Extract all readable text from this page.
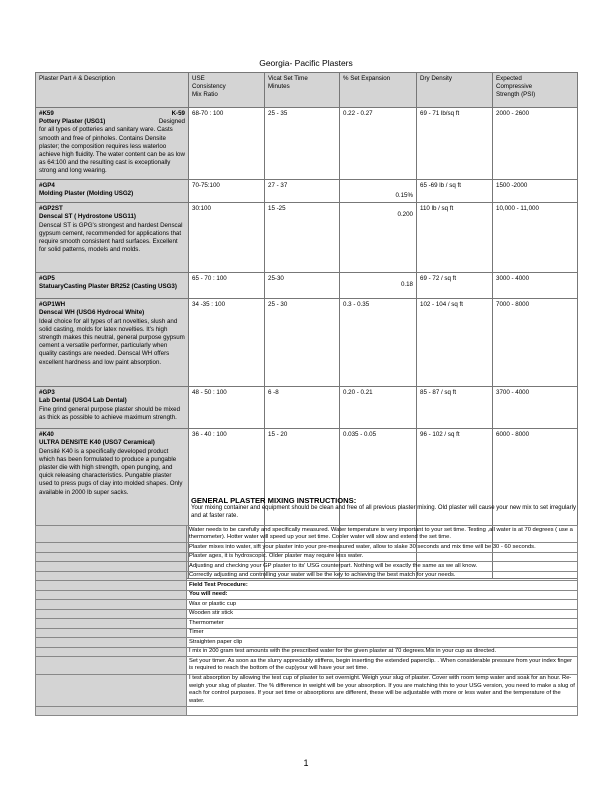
Georgia- Pacific Plasters
Plaster Part # & Description	USE
Consistency
Mix Ratio	Vicat Set Time
Minutes	% Set Expansion	Dry Density	Expected
Compressive
Strength (PSI)

#K59 K-59
Pottery Plaster (USG1) Designed
for all types of potteries and sanitary ware. Casts smooth and free of pinholes. Contains Densite plaster; the composition requires less waterloo achieve high fluidity. The water content can be as low as 64:100 and the resulting cast is exceptionally strong and long wearing.	68-70 : 100	25 - 35	0.22 - 0.27	69 - 71 lb/sq ft	2000 - 2600

#GP4
Molding Plaster (Molding USG2)	70-75:100	27 - 37	0.15%	65 -69 lb / sq ft	1500 -2000

#GP2ST
Denscal ST ( Hydrostone USG11)
Denscal ST is GPG's strongest and hardest Denscal gypsum cement, recommended for applications that require smooth consistent hard surfaces. Excellent for solid patterns, models and molds.	30:100	15 -25	0.200	110 lb / sq ft	10,000 - 11,000

#GP5
StatuaryCasting Plaster BR252 (Casting USG3)	65 - 70 : 100	25-30	0.18	69 - 72 / sq ft	3000 - 4000

#GP1WH
Denscal WH (USG6 Hydrocal White)
Ideal choice for all types of art novelties, slush and solid casting, molds for latex novelties. It's high strength makes this neutral, general purpose gypsum cement a versatile performer, particularly when quality castings are needed. Denscal WH offers excellent hardness and low paint absorption.	34 -35 : 100	25 - 30	0.3 - 0.35	102 - 104 / sq ft	7000 - 8000

#GP3
Lab Dental (USG4 Lab Dental)
Fine grind general purpose plaster should be mixed as thick as possible to achieve maximum strength.	48 - 50 : 100	6 -8	0.20 - 0.21	85 - 87 / sq ft	3700 - 4000

#K40
ULTRA DENSITE K40 (USG7 Ceramical)
Densité K40 is a specifically developed product which has been formulated to produce a pungable plaster die with high strength, open punging, and quick releasing characteristics. Pungable plaster used to press pugs of clay into molded shapes. Only available in 2000 lb super sacks.	36 - 40 : 100	15 - 20	0.035 - 0.05	96 - 102 / sq ft	6000 - 8000
GENERAL PLASTER MIXING INSTRUCTIONS:
Your mixing container and equipment should be clean and free of all previous plaster mixing. Old plaster will cause your new mix to set irregularly and at faster rate.
	Water needs to be carefully and specifically measured. Water temperature is very important to your set time. Testing ,all water is at 70 degrees ( use a thermometer). Hotter water will speed up your set time. Cooler water will slow and extend the set time.
	Plaster mixes into water, sift your plaster into your pre-measured water, allow to slake 30 seconds and mix time will be 30 - 60 seconds.
	Plaster ages, it is hydroscopic. Older plaster may require less water.
	Adjusting and checking your GP plaster to its' USG counterpart. Nothing will be exactly the same as we all know.
	Correctly adjusting and controlling your water will be the key to achieving the best match for your needs.
	Field Test Procedure:
	You will need:
	Wax or plastic cup
	Wooden stir stick
	Thermometer
	Timer
	Straighten paper clip
	I mix in 200 gram test amounts with the prescribed water for the given plaster at 70 degrees.Mix in your cup as directed.
	Set your timer. As soon as the slurry appreciably stiffens, begin inserting the extended paperclip. . When considerable pressure from your index finger is required to reach the bottom of the cup)your will have your set time.
	I test absorption by allowing the test cup of plaster to set overnight. Weigh your slug of plaster. Cover with room temp water and soak for an hour. Re-weigh your slug of plaster. The % difference in weight will be your absorption. If you are matching this to your USG version, you need to make a slug of each for control purposes. If your set time or absorptions are different, these will be adjustable with more or less water and the temperature of the water.

1
